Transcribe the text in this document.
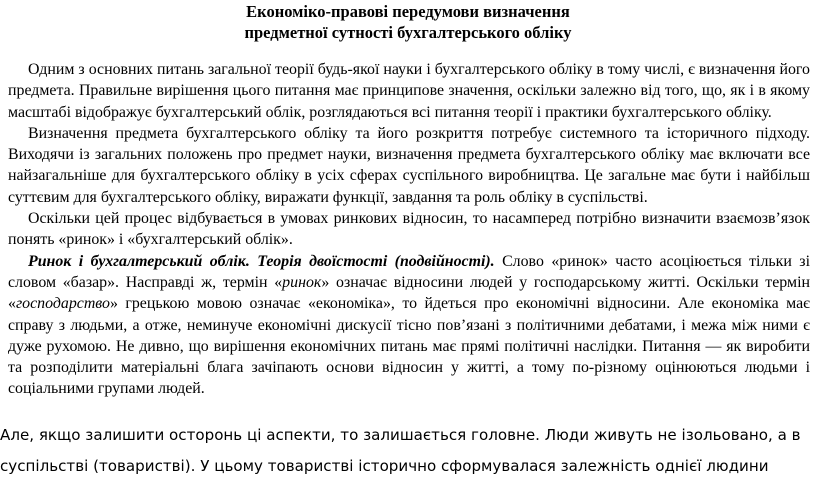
Економіко-правові передумови визначення
предметної сутності бухгалтерського обліку

Одним з основних питань загальної теорії будь-якої науки і бухгалтерського обліку в тому числі, є визначення його предмета. Правильне вирішення цього питання має принципове значення, оскільки залежно від того, що, як і в якому масштабі відображує бухгалтерський облік, розглядаються всі питання теорії і практики бухгалтерського обліку.

Визначення предмета бухгалтерського обліку та його розкриття потребує системного та історичного підходу. Виходячи із загальних положень про предмет науки, визначення предмета бухгалтерського обліку має включати все найзагальніше для бухгалтерського обліку в усіх сферах суспільного виробництва. Це загальне має бути і найбільш суттєвим для бухгалтерського обліку, виражати функції, завдання та роль обліку в суспільстві.

Оскільки цей процес відбувається в умовах ринкових відносин, то насамперед потрібно визначити взаємозв’язок понять «ринок» і «бухгалтерський облік».

Ринок і бухгалтерський облік. Теорія двоїстості (подвійності). Слово «ринок» часто асоціюється тільки зі словом «базар». Насправді ж, термін «ринок» означає відносини людей у господарському житті. Оскільки термін «господарство» грецькою мовою означає «економіка», то йдеться про економічні відносини. Але економіка має справу з людьми, а отже, неминуче економічні дискусії тісно пов’язані з політичними дебатами, і межа між ними є дуже рухомою. Не дивно, що вирішення економічних питань має прямі політичні наслідки. Питання — як виробити та розподілити матеріальні блага зачіпають основи відносин у житті, а тому по-різному оцінюються людьми і соціальними групами людей.

Але, якщо залишити осторонь ці аспекти, то залишається головне. Люди живуть не ізольовано, а в
суспільстві (товаристві). У цьому товаристві історично сформувалася залежність однієї людини
